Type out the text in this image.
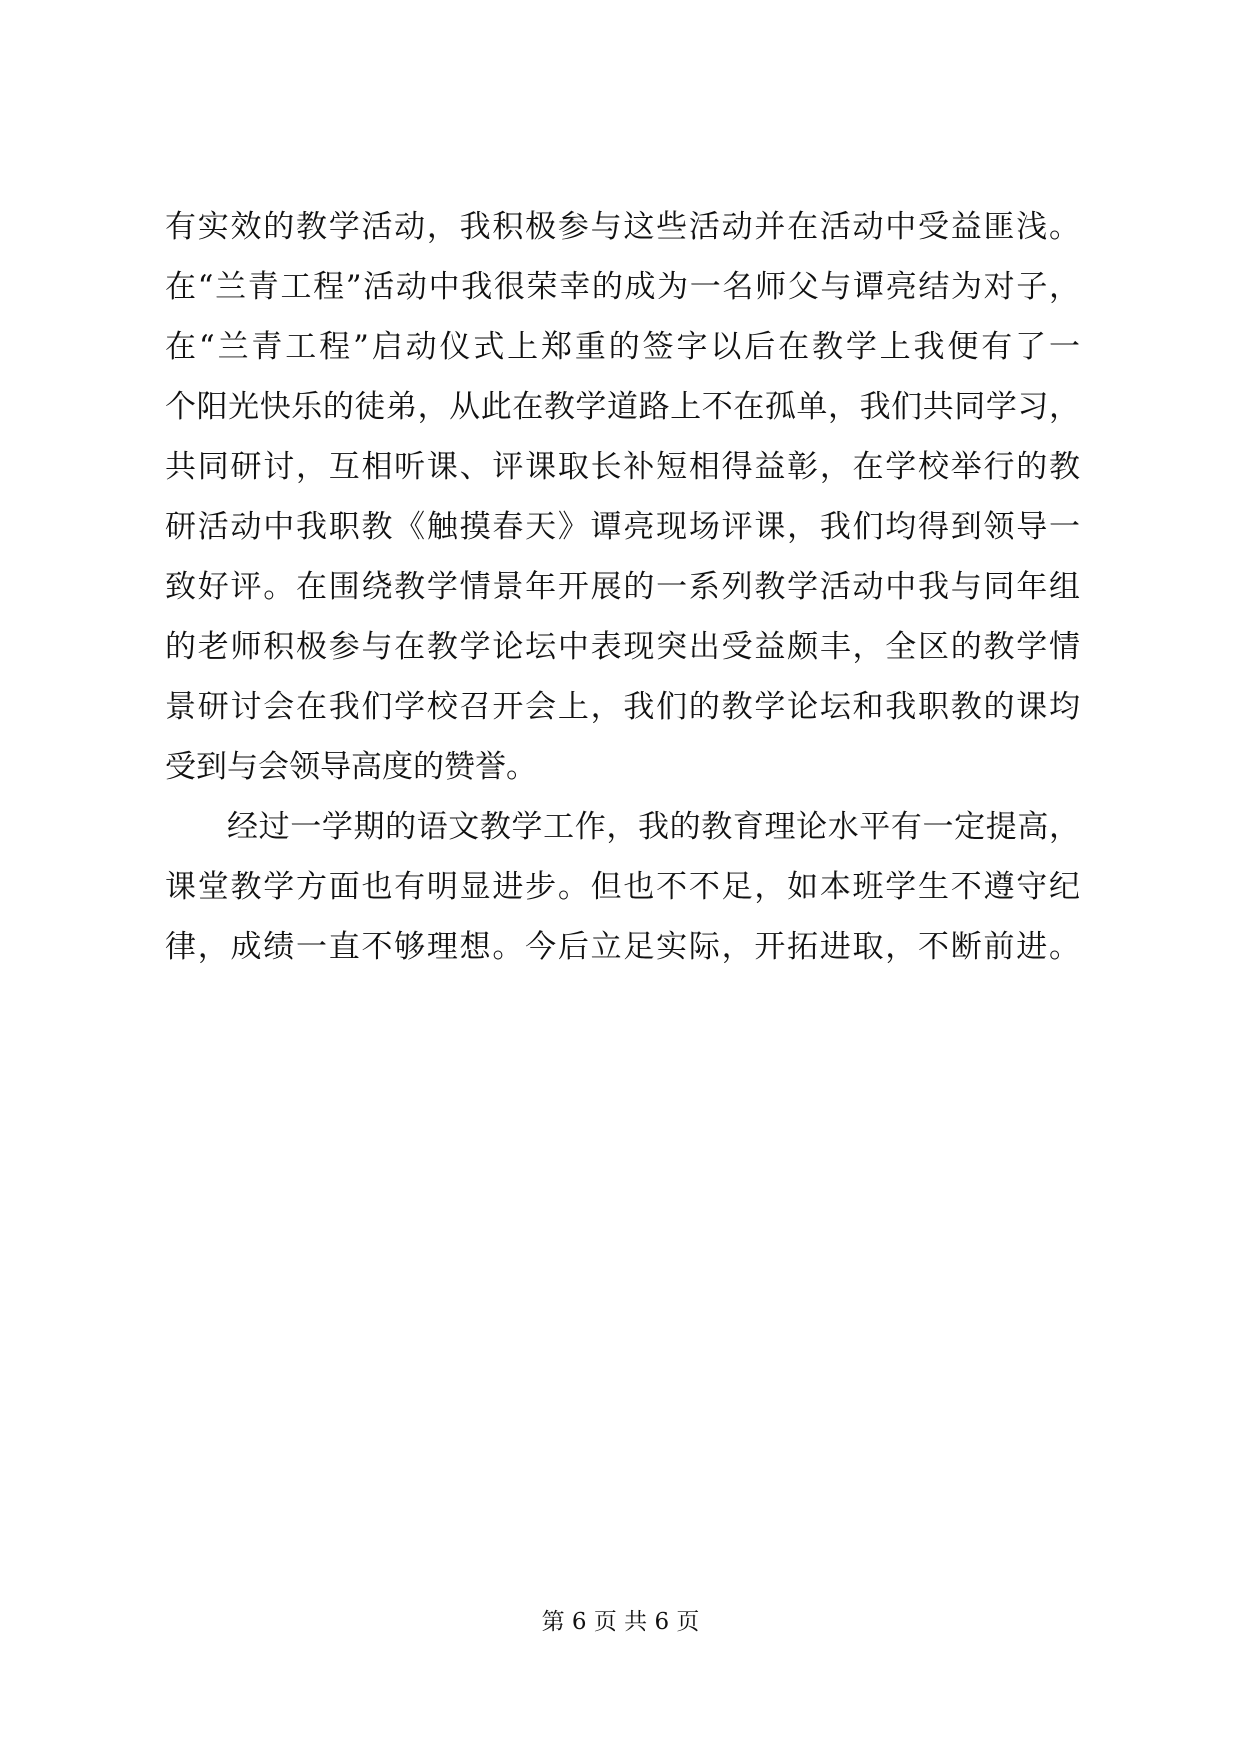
有实效的教学活动，我积极参与这些活动并在活动中受益匪浅。
在“兰青工程”活动中我很荣幸的成为一名师父与谭亮结为对子，
在“兰青工程”启动仪式上郑重的签字以后在教学上我便有了一
个阳光快乐的徒弟，从此在教学道路上不在孤单，我们共同学习，
共同研讨，互相听课、评课取长补短相得益彰，在学校举行的教
研活动中我职教《触摸春天》谭亮现场评课，我们均得到领导一
致好评。在围绕教学情景年开展的一系列教学活动中我与同年组
的老师积极参与在教学论坛中表现突出受益颇丰，全区的教学情
景研讨会在我们学校召开会上，我们的教学论坛和我职教的课均
受到与会领导高度的赞誉。
经过一学期的语文教学工作，我的教育理论水平有一定提高，
课堂教学方面也有明显进步。但也不不足，如本班学生不遵守纪
律，成绩一直不够理想。今后立足实际，开拓进取，不断前进。
第 6 页 共 6 页
